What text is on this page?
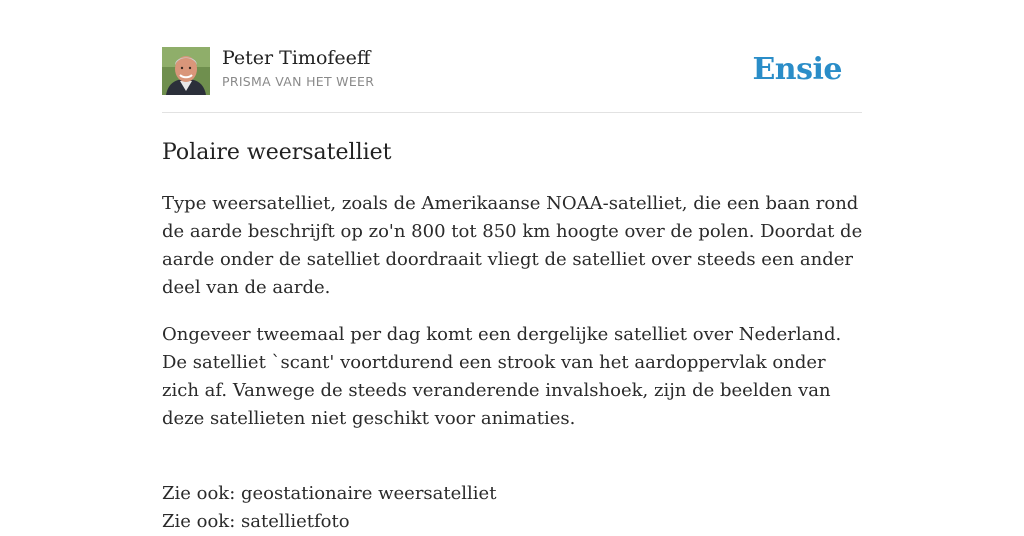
Peter Timofeeff
PRISMA VAN HET WEER	Ensie
Polaire weersatelliet

Type weersatelliet, zoals de Amerikaanse NOAA-satelliet, die een baan rond de aarde beschrijft op zo'n 800 tot 850 km hoogte over de polen. Doordat de aarde onder de satelliet doordraait vliegt de satelliet over steeds een ander deel van de aarde.

Ongeveer tweemaal per dag komt een dergelijke satelliet over Nederland. De satelliet `scant' voortdurend een strook van het aardoppervlak onder zich af. Vanwege de steeds veranderende invalshoek, zijn de beelden van deze satellieten niet geschikt voor animaties.

Zie ook: geostationaire weersatelliet
Zie ook: satellietfoto
